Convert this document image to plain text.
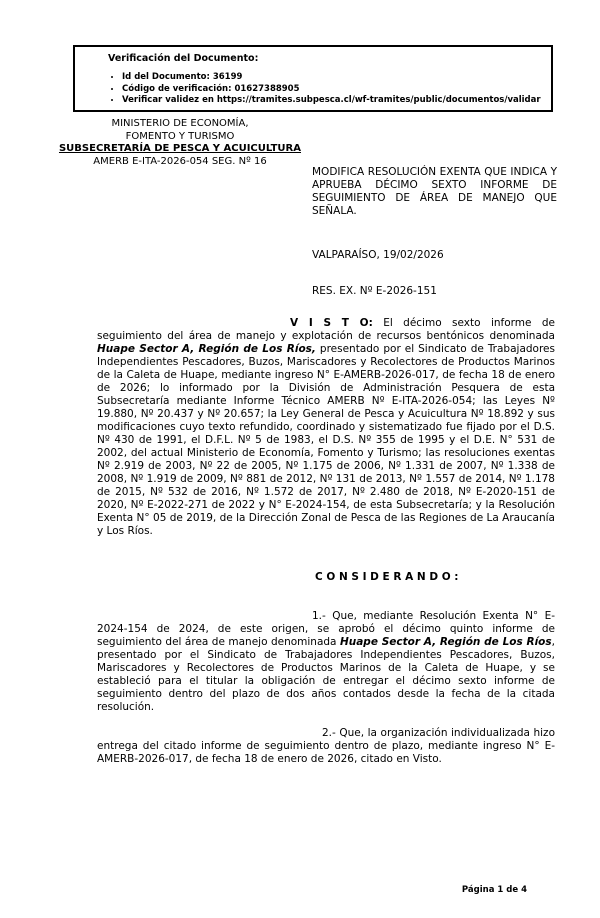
Verificación del Documento:
• Id del Documento: 36199
• Código de verificación: 01627388905
• Verificar validez en https://tramites.subpesca.cl/wf-tramites/public/documentos/validar
MINISTERIO DE ECONOMÍA,
FOMENTO Y TURISMO
SUBSECRETARÍA DE PESCA Y ACUICULTURA
AMERB E-ITA-2026-054 SEG. Nº 16
MODIFICA RESOLUCIÓN EXENTA QUE INDICA Y APRUEBA DÉCIMO SEXTO INFORME DE SEGUIMIENTO DE ÁREA DE MANEJO QUE SEÑALA.
VALPARAÍSO, 19/02/2026
RES. EX. Nº E-2026-151

V I S T O: El décimo sexto informe de seguimiento del área de manejo y explotación de recursos bentónicos denominada Huape Sector A, Región de Los Ríos, presentado por el Sindicato de Trabajadores Independientes Pescadores, Buzos, Mariscadores y Recolectores de Productos Marinos de la Caleta de Huape, mediante ingreso N° E-AMERB-2026-017, de fecha 18 de enero de 2026; lo informado por la División de Administración Pesquera de esta Subsecretaría mediante Informe Técnico AMERB Nº E-ITA-2026-054; las Leyes Nº 19.880, Nº 20.437 y Nº 20.657; la Ley General de Pesca y Acuicultura Nº 18.892 y sus modificaciones cuyo texto refundido, coordinado y sistematizado fue fijado por el D.S. Nº 430 de 1991, el D.F.L. Nº 5 de 1983, el D.S. Nº 355 de 1995 y el D.E. N° 531 de 2002, del actual Ministerio de Economía, Fomento y Turismo; las resoluciones exentas Nº 2.919 de 2003, Nº 22 de 2005, Nº 1.175 de 2006, Nº 1.331 de 2007, Nº 1.338 de 2008, Nº 1.919 de 2009, Nº 881 de 2012, Nº 131 de 2013, Nº 1.557 de 2014, Nº 1.178 de 2015, Nº 532 de 2016, Nº 1.572 de 2017, Nº 2.480 de 2018, Nº E-2020-151 de 2020, Nº E-2022-271 de 2022 y N° E-2024-154, de esta Subsecretaría; y la Resolución Exenta N° 05 de 2019, de la Dirección Zonal de Pesca de las Regiones de La Araucanía y Los Ríos.

C O N S I D E R A N D O :

1.- Que, mediante Resolución Exenta N° E-2024-154 de 2024, de este origen, se aprobó el décimo quinto informe de seguimiento del área de manejo denominada Huape Sector A, Región de Los Ríos, presentado por el Sindicato de Trabajadores Independientes Pescadores, Buzos, Mariscadores y Recolectores de Productos Marinos de la Caleta de Huape, y se estableció para el titular la obligación de entregar el décimo sexto informe de seguimiento dentro del plazo de dos años contados desde la fecha de la citada resolución.

2.- Que, la organización individualizada hizo entrega del citado informe de seguimiento dentro de plazo, mediante ingreso N° E-AMERB-2026-017, de fecha 18 de enero de 2026, citado en Visto.

Página 1 de 4
